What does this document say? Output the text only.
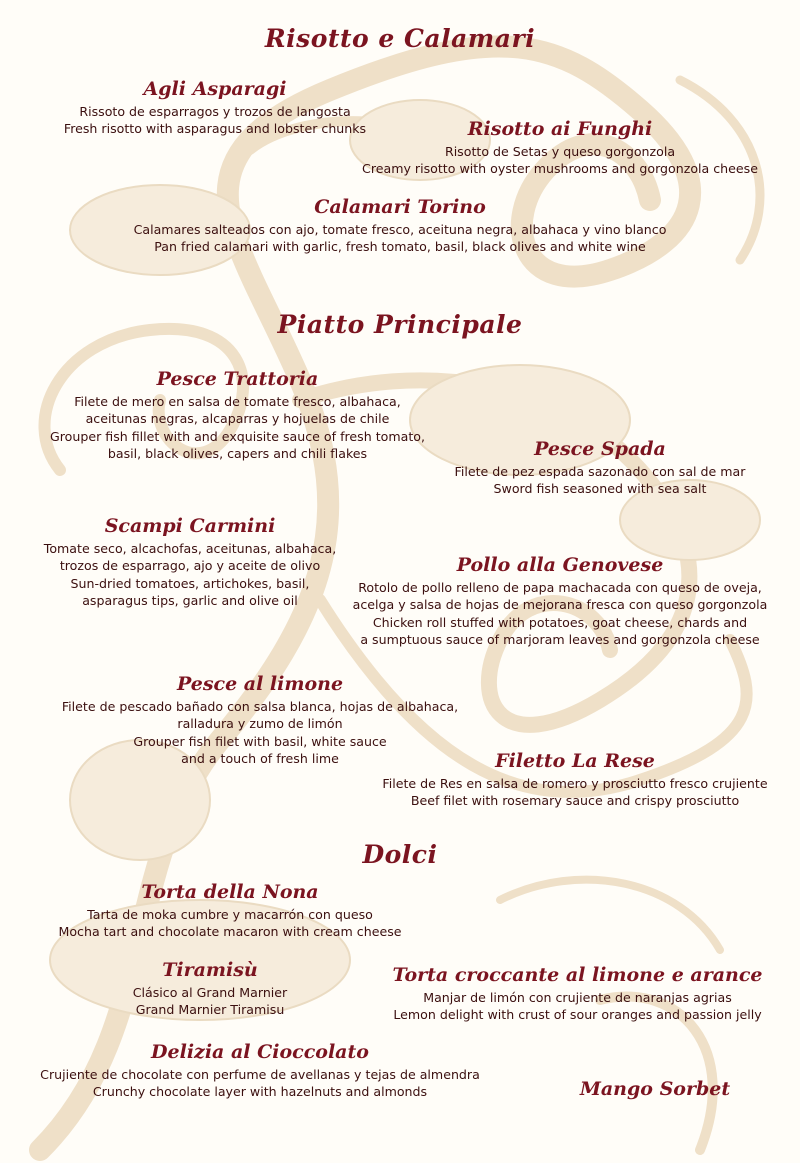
Risotto e Calamari
Agli Asparagi
Rissoto de esparragos y trozos de langosta
Fresh risotto with asparagus and lobster chunks	Risotto ai Funghi
Risotto de Setas y queso gorgonzola
Creamy risotto with oyster mushrooms and gorgonzola cheese
Calamari Torino
Calamares salteados con ajo, tomate fresco, aceituna negra, albahaca y vino blanco
Pan fried calamari with garlic, fresh tomato, basil, black olives and white wine
Piatto Principale
Pesce Trattoria
Filete de mero en salsa de tomate fresco, albahaca,
aceitunas negras, alcaparras y hojuelas de chile
Grouper fish fillet with and exquisite sauce of fresh tomato,
basil, black olives, capers and chili flakes	Pesce Spada
Filete de pez espada sazonado con sal de mar
Sword fish seasoned with sea salt
Scampi Carmini
Tomate seco, alcachofas, aceitunas, albahaca,
trozos de esparrago, ajo y aceite de olivo
Sun-dried tomatoes, artichokes, basil,
asparagus tips, garlic and olive oil
Pollo alla Genovese
Rotolo de pollo relleno de papa machacada con queso de oveja,
acelga y salsa de hojas de mejorana fresca con queso gorgonzola
Chicken roll stuffed with potatoes, goat cheese, chards and
a sumptuous sauce of marjoram leaves and gorgonzola cheese
Pesce al limone
Filete de pescado bañado con salsa blanca, hojas de albahaca,
ralladura y zumo de limón
Grouper fish filet with basil, white sauce
and a touch of fresh lime	Filetto La Rese
Filete de Res en salsa de romero y prosciutto fresco crujiente
Beef filet with rosemary sauce and crispy prosciutto
Dolci
Torta della Nona
Tarta de moka cumbre y macarrón con queso
Mocha tart and chocolate macaron with cream cheese
Tiramisù
Clásico al Grand Marnier
Grand Marnier Tiramisu
Torta croccante al limone e arance
Manjar de limón con crujiente de naranjas agrias
Lemon delight with crust of sour oranges and passion jelly
Delizia al Cioccolato
Crujiente de chocolate con perfume de avellanas y tejas de almendra
Crunchy chocolate layer with hazelnuts and almonds	Mango Sorbet
